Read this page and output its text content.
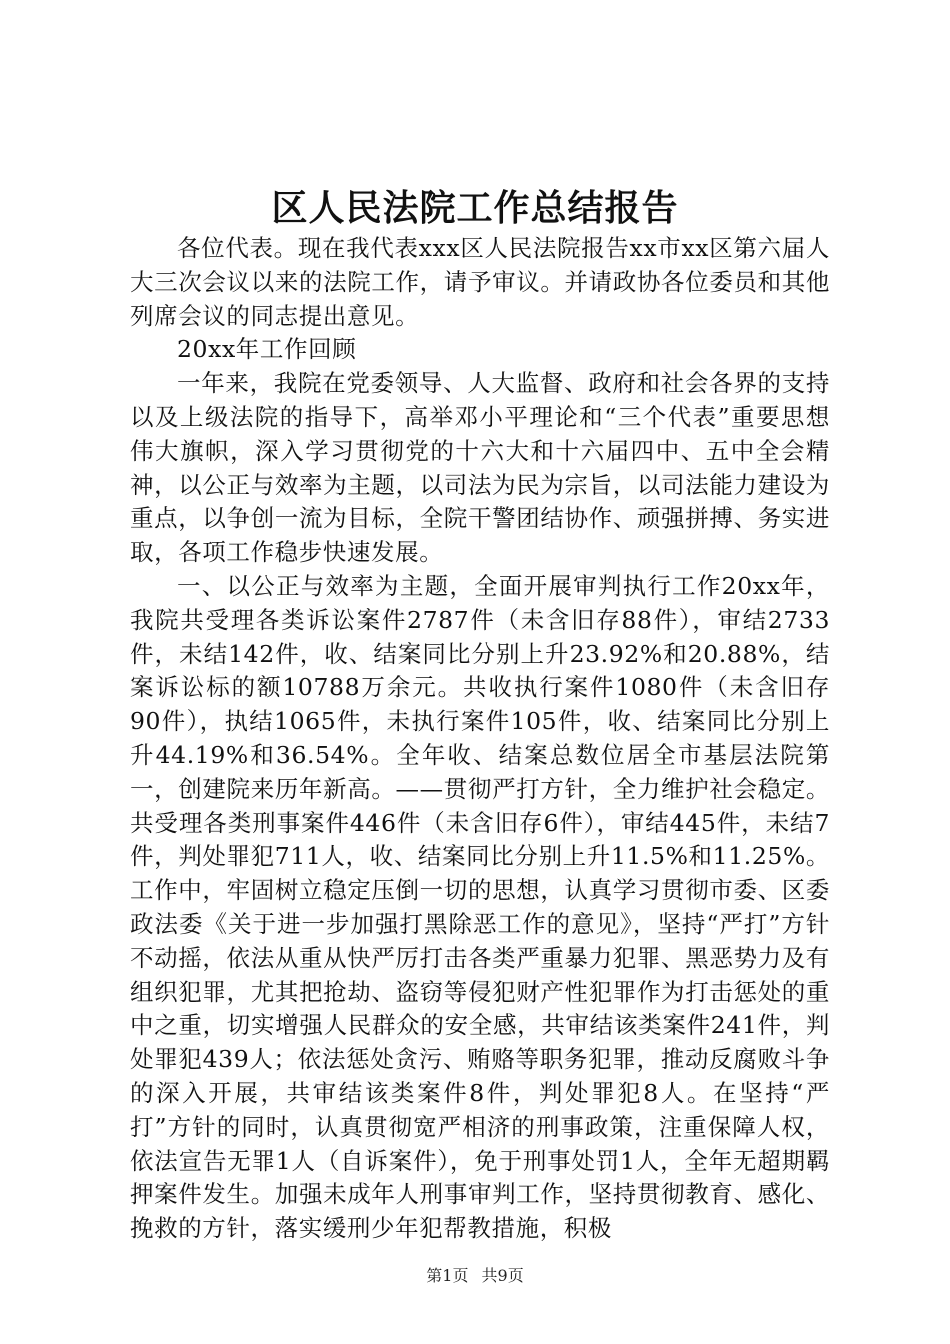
区人民法院工作总结报告

各位代表。现在我代表xxx区人民法院报告xx市xx区第六届人大三次会议以来的法院工作，请予审议。并请政协各位委员和其他列席会议的同志提出意见。

20xx年工作回顾

一年来，我院在党委领导、人大监督、政府和社会各界的支持以及上级法院的指导下，高举邓小平理论和“三个代表”重要思想伟大旗帜，深入学习贯彻党的十六大和十六届四中、五中全会精神，以公正与效率为主题，以司法为民为宗旨，以司法能力建设为重点，以争创一流为目标，全院干警团结协作、顽强拼搏、务实进取，各项工作稳步快速发展。

一、以公正与效率为主题，全面开展审判执行工作20xx年，我院共受理各类诉讼案件2787件（未含旧存88件），审结2733件，未结142件，收、结案同比分别上升23.92%和20.88%，结案诉讼标的额10788万余元。共收执行案件1080件（未含旧存90件），执结1065件，未执行案件105件，收、结案同比分别上升44.19%和36.54%。全年收、结案总数位居全市基层法院第一，创建院来历年新高。——贯彻严打方针，全力维护社会稳定。共受理各类刑事案件446件（未含旧存6件），审结445件，未结7件，判处罪犯711人，收、结案同比分别上升11.5%和11.25%。工作中，牢固树立稳定压倒一切的思想，认真学习贯彻市委、区委政法委《关于进一步加强打黑除恶工作的意见》，坚持“严打”方针不动摇，依法从重从快严厉打击各类严重暴力犯罪、黑恶势力及有组织犯罪，尤其把抢劫、盗窃等侵犯财产性犯罪作为打击惩处的重中之重，切实增强人民群众的安全感，共审结该类案件241件，判处罪犯439人；依法惩处贪污、贿赂等职务犯罪，推动反腐败斗争的深入开展，共审结该类案件8件，判处罪犯8人。在坚持“严打”方针的同时，认真贯彻宽严相济的刑事政策，注重保障人权，依法宣告无罪1人（自诉案件），免于刑事处罚1人，全年无超期羁押案件发生。加强未成年人刑事审判工作，坚持贯彻教育、感化、挽救的方针，落实缓刑少年犯帮教措施，积极

第1页 共9页
